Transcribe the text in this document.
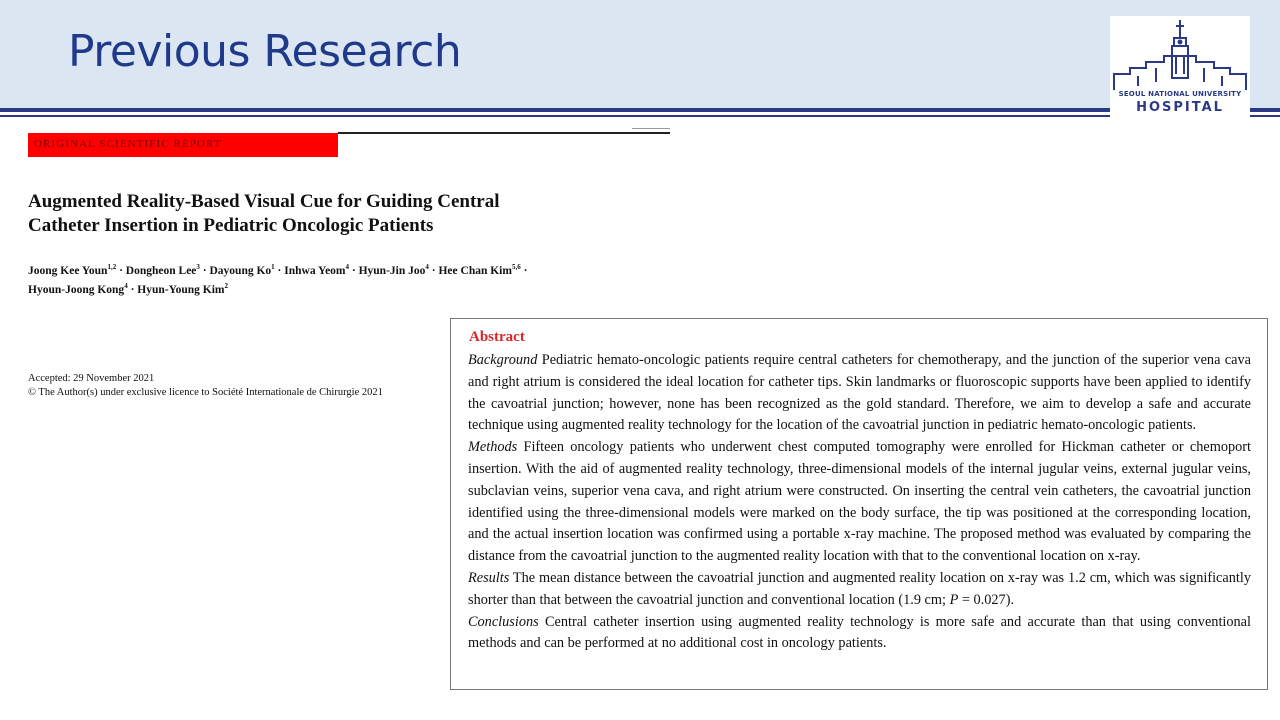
Previous Research
SEOUL NATIONAL UNIVERSITY
HOSPITAL
ORIGINAL SCIENTIFIC REPORT
Augmented Reality-Based Visual Cue for Guiding Central
Catheter Insertion in Pediatric Oncologic Patients
Joong Kee Youn$^{1,2}$ · Dongheon Lee$^3$ · Dayoung $Ko^1$ · Inhwa Yeom$^4$ · Hyun-Jin Joo$^4$ · Hee Chan Kim$^{5,6}$ ·
Hyoun-Joong Kong$^4$ · Hyun-Young Kim$^2$
Accepted: 29 November 2021
© The Author(s) under exclusive licence to Société Internationale de Chirurgie 2021
Abstract

Background Pediatric hemato-oncologic patients require central catheters for chemotherapy, and the junction of the superior vena cava and right atrium is considered the ideal location for catheter tips. Skin landmarks or fluoroscopic supports have been applied to identify the cavoatrial junction; however, none has been recognized as the gold standard. Therefore, we aim to develop a safe and accurate technique using augmented reality technology for the location of the cavoatrial junction in pediatric hemato-oncologic patients.

Methods Fifteen oncology patients who underwent chest computed tomography were enrolled for Hickman catheter or chemoport insertion. With the aid of augmented reality technology, three-dimensional models of the internal jugular veins, external jugular veins, subclavian veins, superior vena cava, and right atrium were constructed. On inserting the central vein catheters, the cavoatrial junction identified using the three-dimensional models were marked on the body surface, the tip was positioned at the corresponding location, and the actual insertion location was confirmed using a portable x-ray machine. The proposed method was evaluated by comparing the distance from the cavoatrial junction to the augmented reality location with that to the conventional location on x-ray.

Results The mean distance between the cavoatrial junction and augmented reality location on x-ray was 1.2 cm, which was significantly shorter than that between the cavoatrial junction and conventional location (1.9 cm; P = 0.027).

Conclusions Central catheter insertion using augmented reality technology is more safe and accurate than that using conventional methods and can be performed at no additional cost in oncology patients.
